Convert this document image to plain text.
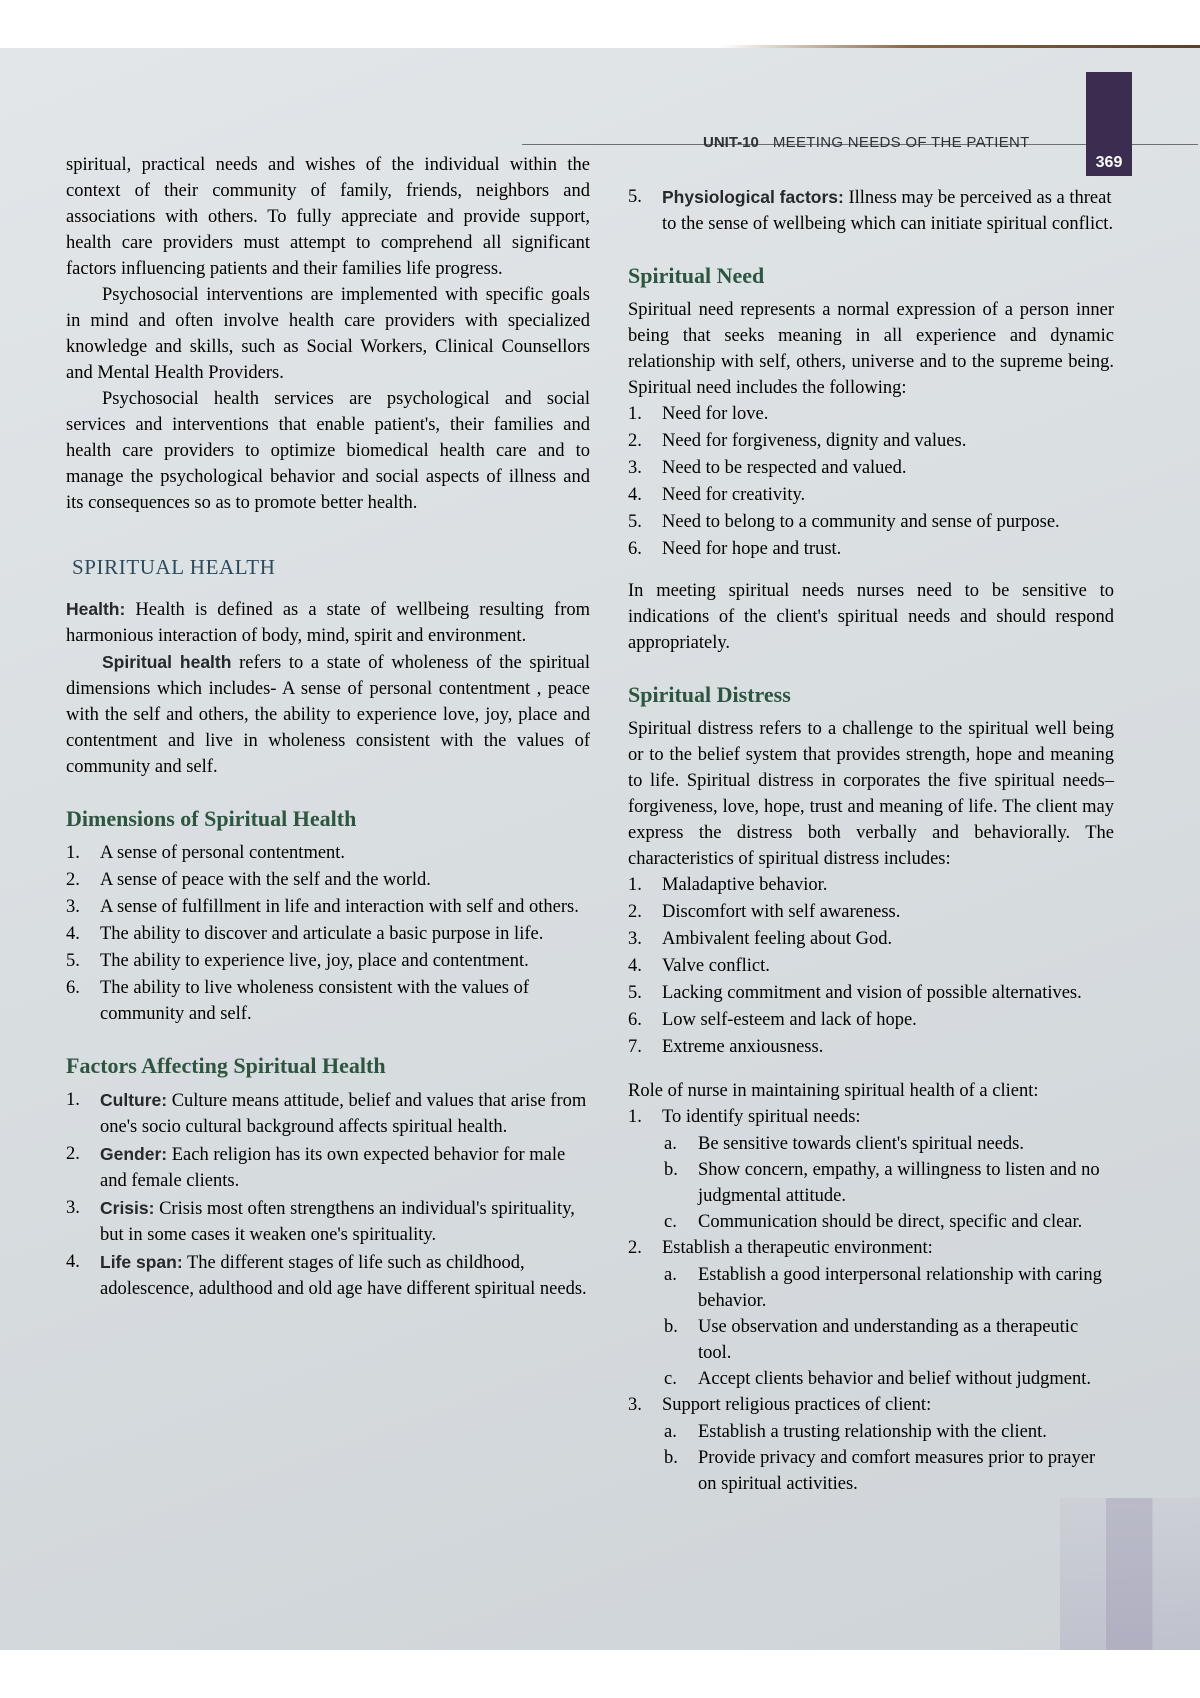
UNIT-10 MEETING NEEDS OF THE PATIENT
369

spiritual, practical needs and wishes of the individual within the context of their community of family, friends, neighbors and associations with others. To fully appreciate and provide support, health care providers must attempt to comprehend all significant factors influencing patients and their families life progress.

Psychosocial interventions are implemented with specific goals in mind and often involve health care providers with specialized knowledge and skills, such as Social Workers, Clinical Counsellors and Mental Health Providers.

Psychosocial health services are psychological and social services and interventions that enable patient's, their families and health care providers to optimize biomedical health care and to manage the psychological behavior and social aspects of illness and its consequences so as to promote better health.

SPIRITUAL HEALTH

Health: Health is defined as a state of wellbeing resulting from harmonious interaction of body, mind, spirit and environment.

Spiritual health refers to a state of wholeness of the spiritual dimensions which includes- A sense of personal contentment , peace with the self and others, the ability to experience love, joy, place and contentment and live in wholeness consistent with the values of community and self.

Dimensions of Spiritual Health
1. A sense of personal contentment.
2. A sense of peace with the self and the world.
3. A sense of fulfillment in life and interaction with self and others.
4. The ability to discover and articulate a basic purpose in life.
5. The ability to experience live, joy, place and contentment.
6. The ability to live wholeness consistent with the values of community and self.
Factors Affecting Spiritual Health
1. Culture: Culture means attitude, belief and values that arise from one's socio cultural background affects spiritual health.
2. Gender: Each religion has its own expected behavior for male and female clients.
3. Crisis: Crisis most often strengthens an individual's spirituality, but in some cases it weaken one's spirituality.
4. Life span: The different stages of life such as childhood, adolescence, adulthood and old age have different spiritual needs.
5. Physiological factors: Illness may be perceived as a threat to the sense of wellbeing which can initiate spiritual conflict.
Spiritual Need

Spiritual need represents a normal expression of a person inner being that seeks meaning in all experience and dynamic relationship with self, others, universe and to the supreme being. Spiritual need includes the following:

1. Need for love.
2. Need for forgiveness, dignity and values.
3. Need to be respected and valued.
4. Need for creativity.
5. Need to belong to a community and sense of purpose.
6. Need for hope and trust.

In meeting spiritual needs nurses need to be sensitive to indications of the client's spiritual needs and should respond appropriately.

Spiritual Distress

Spiritual distress refers to a challenge to the spiritual well being or to the belief system that provides strength, hope and meaning to life. Spiritual distress in corporates the five spiritual needs– forgiveness, love, hope, trust and meaning of life. The client may express the distress both verbally and behaviorally. The characteristics of spiritual distress includes:

1. Maladaptive behavior.
2. Discomfort with self awareness.
3. Ambivalent feeling about God.
4. Valve conflict.
5. Lacking commitment and vision of possible alternatives.
6. Low self-esteem and lack of hope.
7. Extreme anxiousness.

Role of nurse in maintaining spiritual health of a client:

1. To identify spiritual needs:
a. Be sensitive towards client's spiritual needs.
b. Show concern, empathy, a willingness to listen and no judgmental attitude.
c. Communication should be direct, specific and clear.
2. Establish a therapeutic environment:
a. Establish a good interpersonal relationship with caring behavior.
b. Use observation and understanding as a therapeutic tool.
c. Accept clients behavior and belief without judgment.
3. Support religious practices of client:
a. Establish a trusting relationship with the client.
b. Provide privacy and comfort measures prior to prayer on spiritual activities.
